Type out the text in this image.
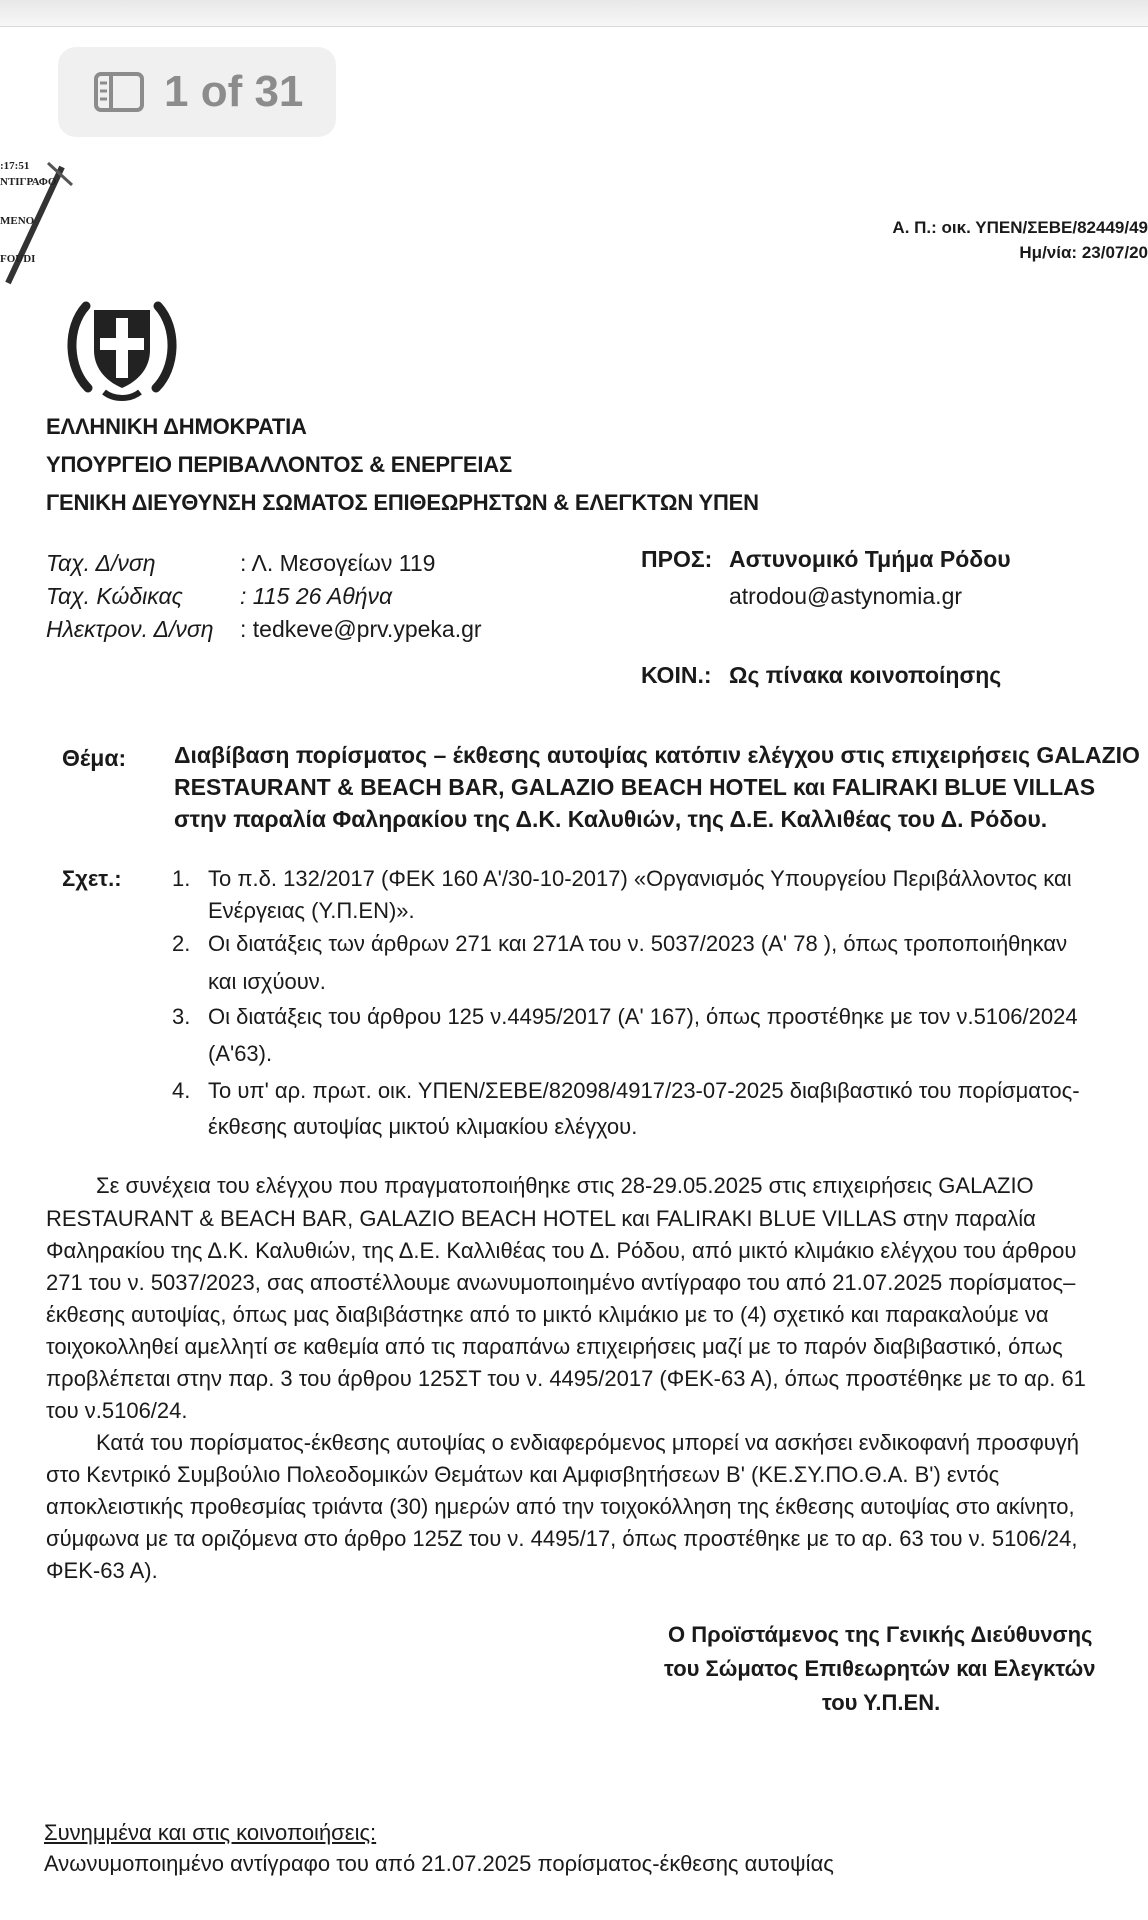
1 of 31
:17:51
ΝΤΙΓΡΑΦΟ
ΜΕΝΟ
FOUDI
Α. Π.: οικ. ΥΠΕΝ/ΣΕΒΕ/82449/49
Ημ/νία: 23/07/20
ΕΛΛΗΝΙΚΗ ΔΗΜΟΚΡΑΤΙΑ
ΥΠΟΥΡΓΕΙΟ ΠΕΡΙΒΑΛΛΟΝΤΟΣ & ΕΝΕΡΓΕΙΑΣ
ΓΕΝΙΚΗ ΔΙΕΥΘΥΝΣΗ ΣΩΜΑΤΟΣ ΕΠΙΘΕΩΡΗΣΤΩΝ & ΕΛΕΓΚΤΩΝ ΥΠΕΝ
Ταχ. Δ/νση	: Λ. Μεσογείων 119
Ταχ. Κώδικας : 115 26 Αθήνα
Ηλεκτρον. Δ/νση : tedkeve@prv.ypeka.gr
ΠΡΟΣ: Αστυνομικό Τμήμα Ρόδου
atrodou@astynomia.gr
ΚΟΙΝ.: Ως πίνακα κοινοποίησης
Θέμα: Διαβίβαση πορίσματος – έκθεσης αυτοψίας κατόπιν ελέγχου στις επιχειρήσεις GALAZIO
RESTAURANT & BEACH BAR, GALAZIO BEACH HOTEL και FALIRAKI BLUE VILLAS
στην παραλία Φαληρακίου της Δ.Κ. Καλυθιών, της Δ.Ε. Καλλιθέας του Δ. Ρόδου.
Σχετ.: 1. Το π.δ. 132/2017 (ΦΕΚ 160 Α'/30-10-2017) «Οργανισμός Υπουργείου Περιβάλλοντος και
Ενέργειας (Υ.Π.ΕΝ)».
2. Οι διατάξεις των άρθρων 271 και 271Α του ν. 5037/2023 (Α' 78 ), όπως τροποποιήθηκαν
και ισχύουν.
3. Οι διατάξεις του άρθρου 125 ν.4495/2017 (Α' 167), όπως προστέθηκε με τον ν.5106/2024
(Α'63).
4. Το υπ' αρ. πρωτ. οικ. ΥΠΕΝ/ΣΕΒΕ/82098/4917/23-07-2025 διαβιβαστικό του πορίσματος-
έκθεσης αυτοψίας μικτού κλιμακίου ελέγχου.
Σε συνέχεια του ελέγχου που πραγματοποιήθηκε στις 28-29.05.2025 στις επιχειρήσεις GALAZIO
RESTAURANT & BEACH BAR, GALAZIO BEACH HOTEL και FALIRAKI BLUE VILLAS στην παραλία
Φαληρακίου της Δ.Κ. Καλυθιών, της Δ.Ε. Καλλιθέας του Δ. Ρόδου, από μικτό κλιμάκιο ελέγχου του άρθρου
271 του ν. 5037/2023, σας αποστέλλουμε ανωνυμοποιημένο αντίγραφο του από 21.07.2025 πορίσματος–
έκθεσης αυτοψίας, όπως μας διαβιβάστηκε από το μικτό κλιμάκιο με το (4) σχετικό και παρακαλούμε να
τοιχοκολληθεί αμελλητί σε καθεμία από τις παραπάνω επιχειρήσεις μαζί με το παρόν διαβιβαστικό, όπως
προβλέπεται στην παρ. 3 του άρθρου 125ΣΤ του ν. 4495/2017 (ΦΕΚ-63 Α), όπως προστέθηκε με το αρ. 61
του ν.5106/24.
Κατά του πορίσματος-έκθεσης αυτοψίας ο ενδιαφερόμενος μπορεί να ασκήσει ενδικοφανή προσφυγή
στο Κεντρικό Συμβούλιο Πολεοδομικών Θεμάτων και Αμφισβητήσεων Β' (ΚΕ.ΣΥ.ΠΟ.Θ.Α. Β') εντός
αποκλειστικής προθεσμίας τριάντα (30) ημερών από την τοιχοκόλληση της έκθεσης αυτοψίας στο ακίνητο,
σύμφωνα με τα οριζόμενα στο άρθρο 125Ζ του ν. 4495/17, όπως προστέθηκε με το αρ. 63 του ν. 5106/24,
ΦΕΚ-63 Α).
Ο Προϊστάμενος της Γενικής Διεύθυνσης
του Σώματος Επιθεωρητών και Ελεγκτών
του Υ.Π.ΕΝ.
Συνημμένα και στις κοινοποιήσεις:
Ανωνυμοποιημένο αντίγραφο του από 21.07.2025 πορίσματος-έκθεσης αυτοψίας
